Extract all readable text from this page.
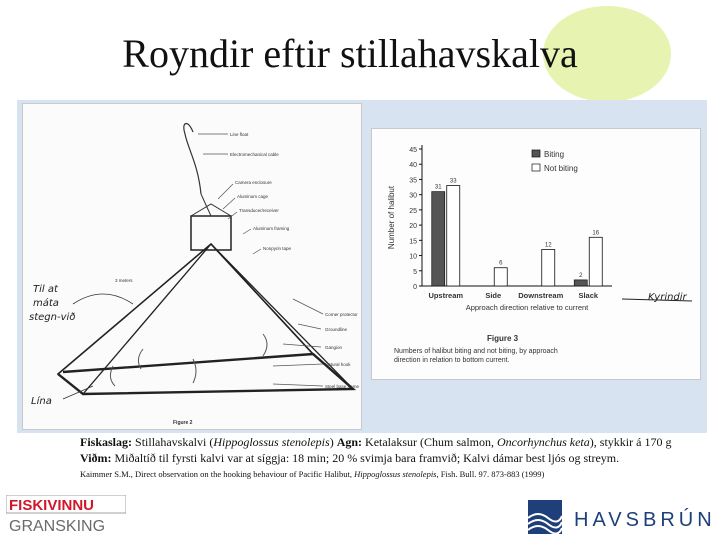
Royndir eftir stillahavskalva
Line float
Electromechanical cable
Camera enclosure
Aluminum cage
Transducer/receiver
Aluminum framing
Nonpyrin tape
3 meters
Corner protector
Groundline
Gangion
Natural hook
Steel base frame
Figure 2
Til at
máta
stegn-við
Lína
0
5
10
15
20
25
30
35
40
45
Number of halibut
Approach direction relative to current
Upstream	Side Downstream Slack
31
33
6
12
2
16
Biting
Not biting
Figure 3
Numbers of halibut biting and not biting, by approach direction in relation to bottom current.
Kyrindir
Fiskaslag: Stillahavskalvi (Hippoglossus stenolepis) Agn: Ketalaksur (Chum salmon, Oncorhynchus keta), stykkir á 170 g
Viðm: Miðaltíð til fyrsti kalvi var at síggja: 18 min; 20 % svimja bara framvið; Kalvi dámar best ljós og streym.
Kaimmer S.M., Direct observation on the hooking behaviour of Pacific Halibut, Hippoglossus stenolepis, Fish. Bull. 97. 873-883 (1999)
FISKIVINNU
GRANSKING	HAVSBRÚN
